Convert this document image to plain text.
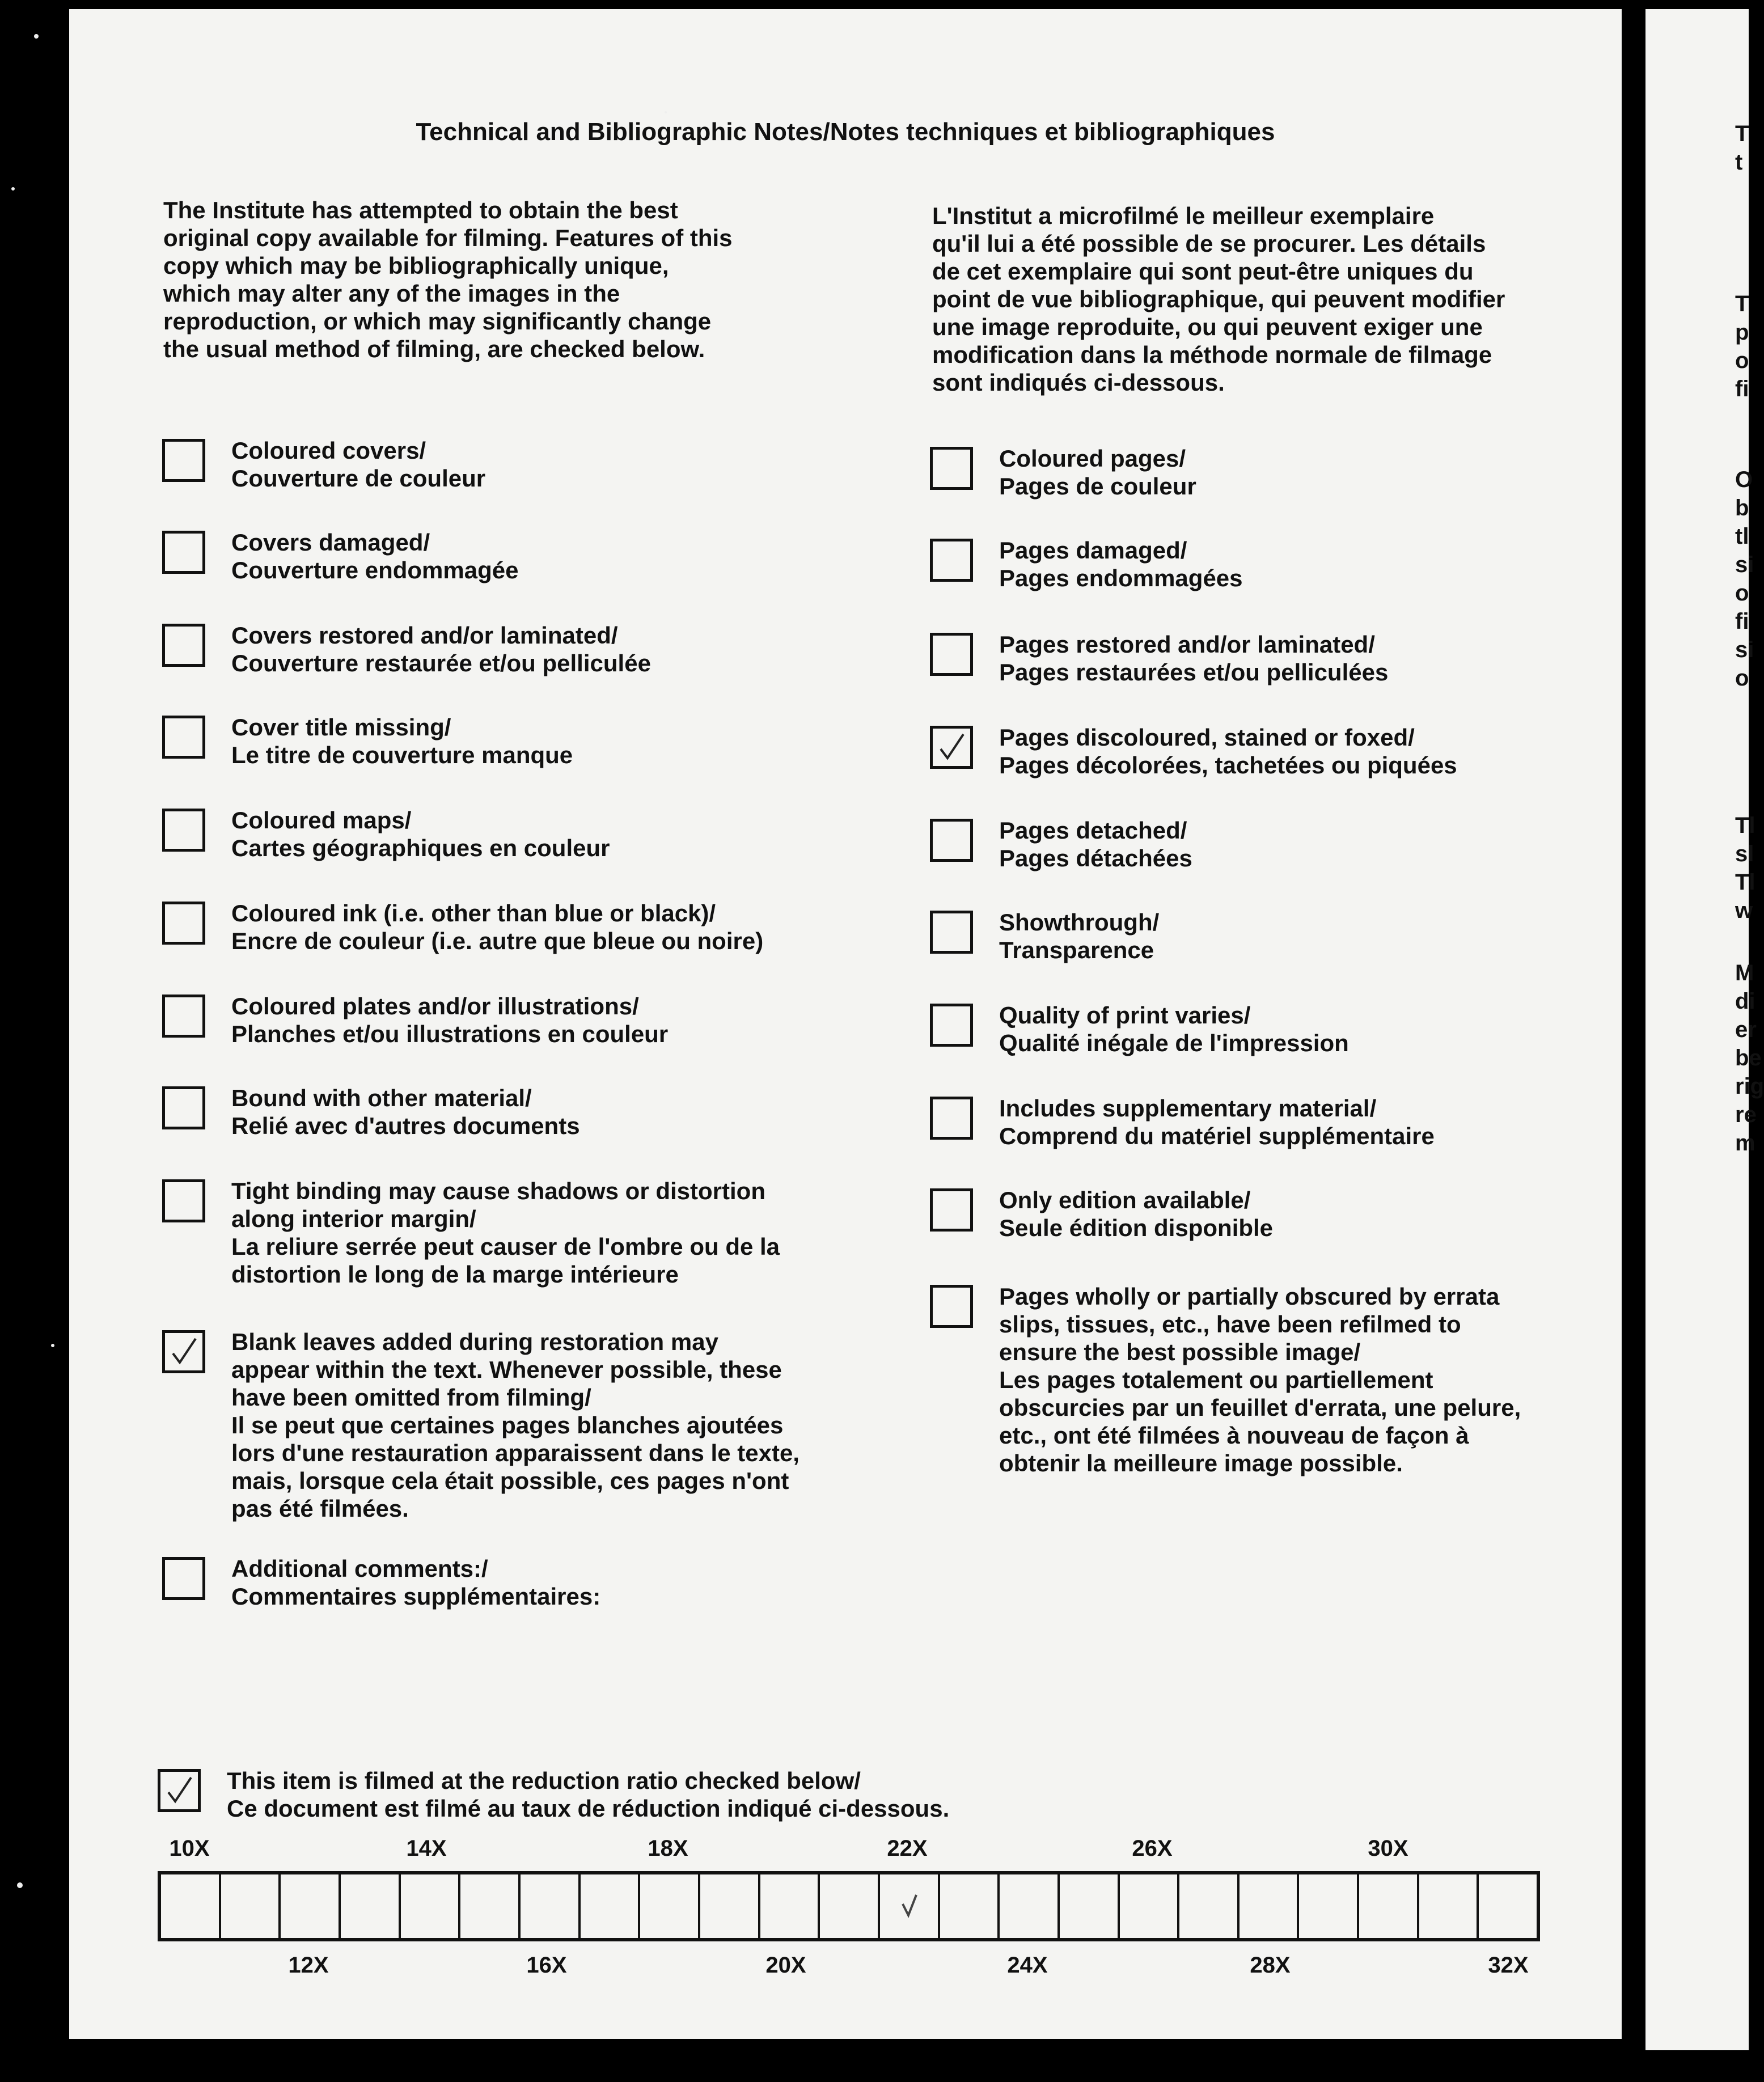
Technical and Bibliographic Notes/Notes techniques et bibliographiques
The Institute has attempted to obtain the best
original copy available for filming. Features of this
copy which may be bibliographically unique,
which may alter any of the images in the
reproduction, or which may significantly change
the usual method of filming, are checked below.
L'Institut a microfilmé le meilleur exemplaire
qu'il lui a été possible de se procurer. Les détails
de cet exemplaire qui sont peut-être uniques du
point de vue bibliographique, qui peuvent modifier
une image reproduite, ou qui peuvent exiger une
modification dans la méthode normale de filmage
sont indiqués ci-dessous.
Coloured covers/
Couverture de couleur
Covers damaged/
Couverture endommagée
Covers restored and/or laminated/
Couverture restaurée et/ou pelliculée
Cover title missing/
Le titre de couverture manque
Coloured maps/
Cartes géographiques en couleur
Coloured ink (i.e. other than blue or black)/
Encre de couleur (i.e. autre que bleue ou noire)
Coloured plates and/or illustrations/
Planches et/ou illustrations en couleur
Bound with other material/
Relié avec d'autres documents
Tight binding may cause shadows or distortion
along interior margin/
La reliure serrée peut causer de l'ombre ou de la
distortion le long de la marge intérieure
Blank leaves added during restoration may
appear within the text. Whenever possible, these
have been omitted from filming/
Il se peut que certaines pages blanches ajoutées
lors d'une restauration apparaissent dans le texte,
mais, lorsque cela était possible, ces pages n'ont
pas été filmées.
Additional comments:/
Commentaires supplémentaires:
Coloured pages/
Pages de couleur
Pages damaged/
Pages endommagées
Pages restored and/or laminated/
Pages restaurées et/ou pelliculées
Pages discoloured, stained or foxed/
Pages décolorées, tachetées ou piquées
Pages detached/
Pages détachées
Showthrough/
Transparence
Quality of print varies/
Qualité inégale de l'impression
Includes supplementary material/
Comprend du matériel supplémentaire
Only edition available/
Seule édition disponible
Pages wholly or partially obscured by errata
slips, tissues, etc., have been refilmed to
ensure the best possible image/
Les pages totalement ou partiellement
obscurcies par un feuillet d'errata, une pelure,
etc., ont été filmées à nouveau de façon à
obtenir la meilleure image possible.
This item is filmed at the reduction ratio checked below/
Ce document est filmé au taux de réduction indiqué ci-dessous.
10X	14X	18X	22X	26X	30X
12X	16X	20X	24X	28X	32X
T
t
T
p
o
fi
O
b
tl
si
o
fi
si
o
Tl
sl
Tl
w
M
di
er
be
rig
re
m
